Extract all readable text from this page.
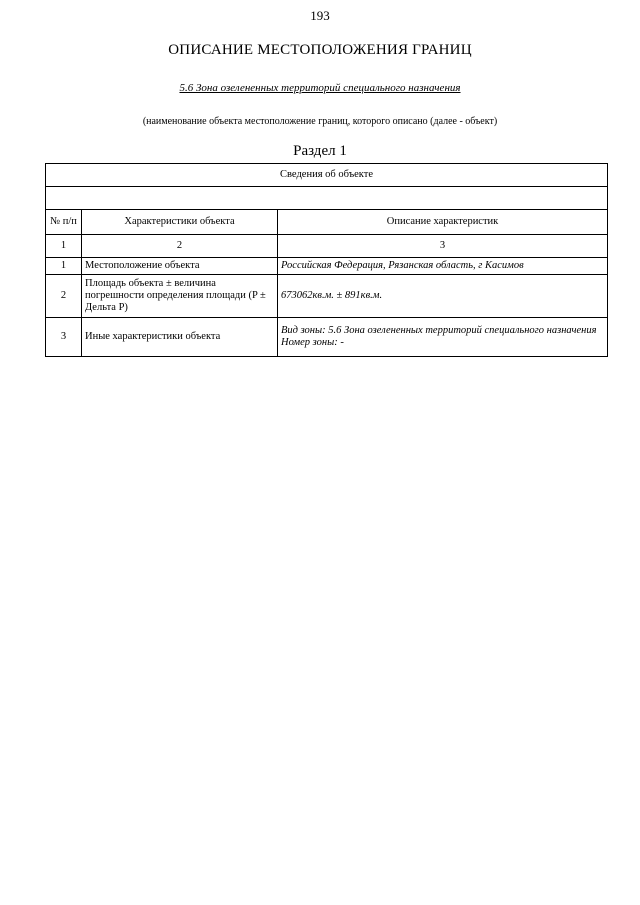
193
ОПИСАНИЕ МЕСТОПОЛОЖЕНИЯ ГРАНИЦ
5.6 Зона озелененных территорий специального назначения
(наименование объекта местоположение границ, которого описано (далее - объект)
Раздел 1
Сведения об объекте		

№ п/п	Характеристики объекта	Описание характеристик
1	2	3
1	Местоположение объекта	Российская Федерация, Рязанская область, г Касимов

2	Площадь объекта ± величина погрешности определения площади (P ± Дельта P)	673062кв.м. ± 891кв.м.

3	Иные характеристики объекта	Вид зоны: 5.6 Зона озелененных территорий специального назначения
Номер зоны: -
